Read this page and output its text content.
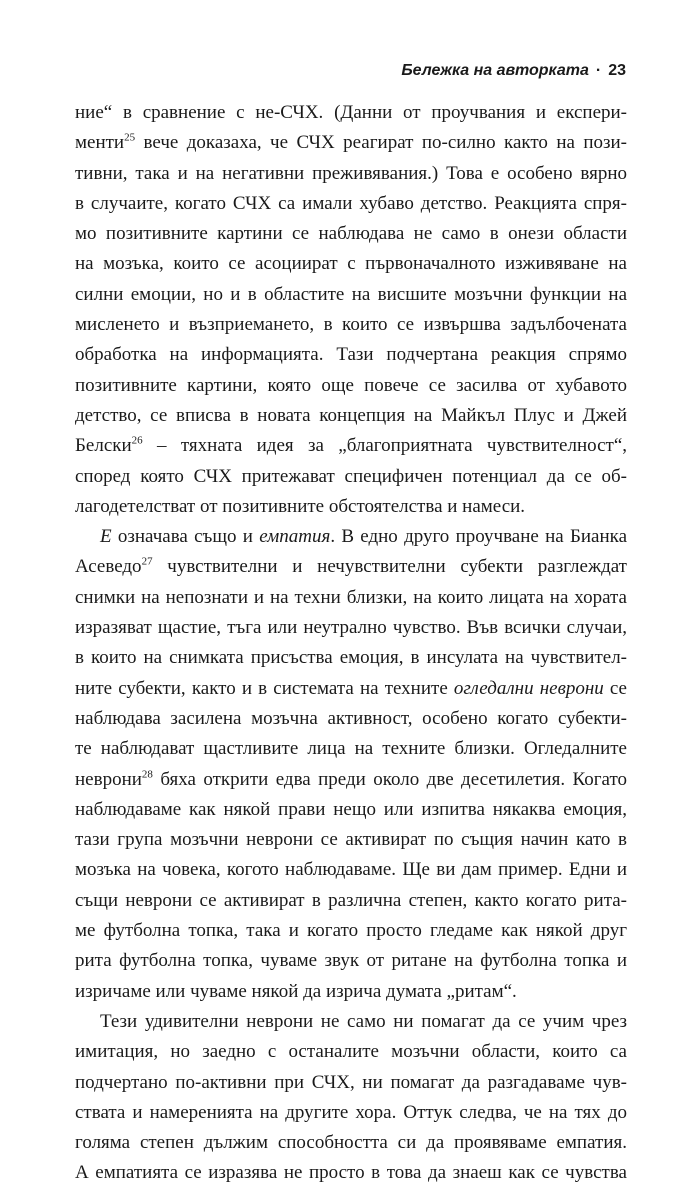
Бележка на авторката · 23
ние“ в сравнение с не-СЧХ. (Данни от проучвания и експери-
менти$^{25}$ вече доказаха, че СЧХ реагират по-силно както на пози-
тивни, така и на негативни преживявания.) Това е особено вярно
в случаите, когато СЧХ са имали хубаво детство. Реакцията спря-
мо позитивните картини се наблюдава не само в онези области
на мозъка, които се асоциират с първоначалното изживяване на
силни емоции, но и в областите на висшите мозъчни функции на
мисленето и възприемането, в които се извършва задълбочената
обработка на информацията. Тази подчертана реакция спрямо
позитивните картини, която още повече се засилва от хубавото
детство, се вписва в новата концепция на Майкъл Плус и Джей
Белски$^{26}$ – тяхната идея за „благоприятната чувствителност“,
според която СЧХ притежават специфичен потенциал да се об-
лагодетелстват от позитивните обстоятелства и намеси.
Е означава също и емпатия. В едно друго проучване на Бианка
Асеведо$^{27}$ чувствителни и нечувствителни субекти разглеждат
снимки на непознати и на техни близки, на които лицата на хората
изразяват щастие, тъга или неутрално чувство. Във всички случаи,
в които на снимката присъства емоция, в инсулата на чувствител-
ните субекти, както и в системата на техните огледални неврони се
наблюдава засилена мозъчна активност, особено когато субекти-
те наблюдават щастливите лица на техните близки. Огледалните
неврони$^{28}$ бяха открити едва преди около две десетилетия. Когато
наблюдаваме как някой прави нещо или изпитва някаква емоция,
тази група мозъчни неврони се активират по същия начин като в
мозъка на човека, когото наблюдаваме. Ще ви дам пример. Едни и
същи неврони се активират в различна степен, както когато рита-
ме футболна топка, така и когато просто гледаме как някой друг
рита футболна топка, чуваме звук от ритане на футболна топка и
изричаме или чуваме някой да изрича думата „ритам“.
Тези удивителни неврони не само ни помагат да се учим чрез
имитация, но заедно с останалите мозъчни области, които са
подчертано по-активни при СЧХ, ни помагат да разгадаваме чув-
ствата и намеренията на другите хора. Оттук следва, че на тях до
голяма степен дължим способността си да проявяваме емпатия.
А емпатията се изразява не просто в това да знаеш как се чувства
